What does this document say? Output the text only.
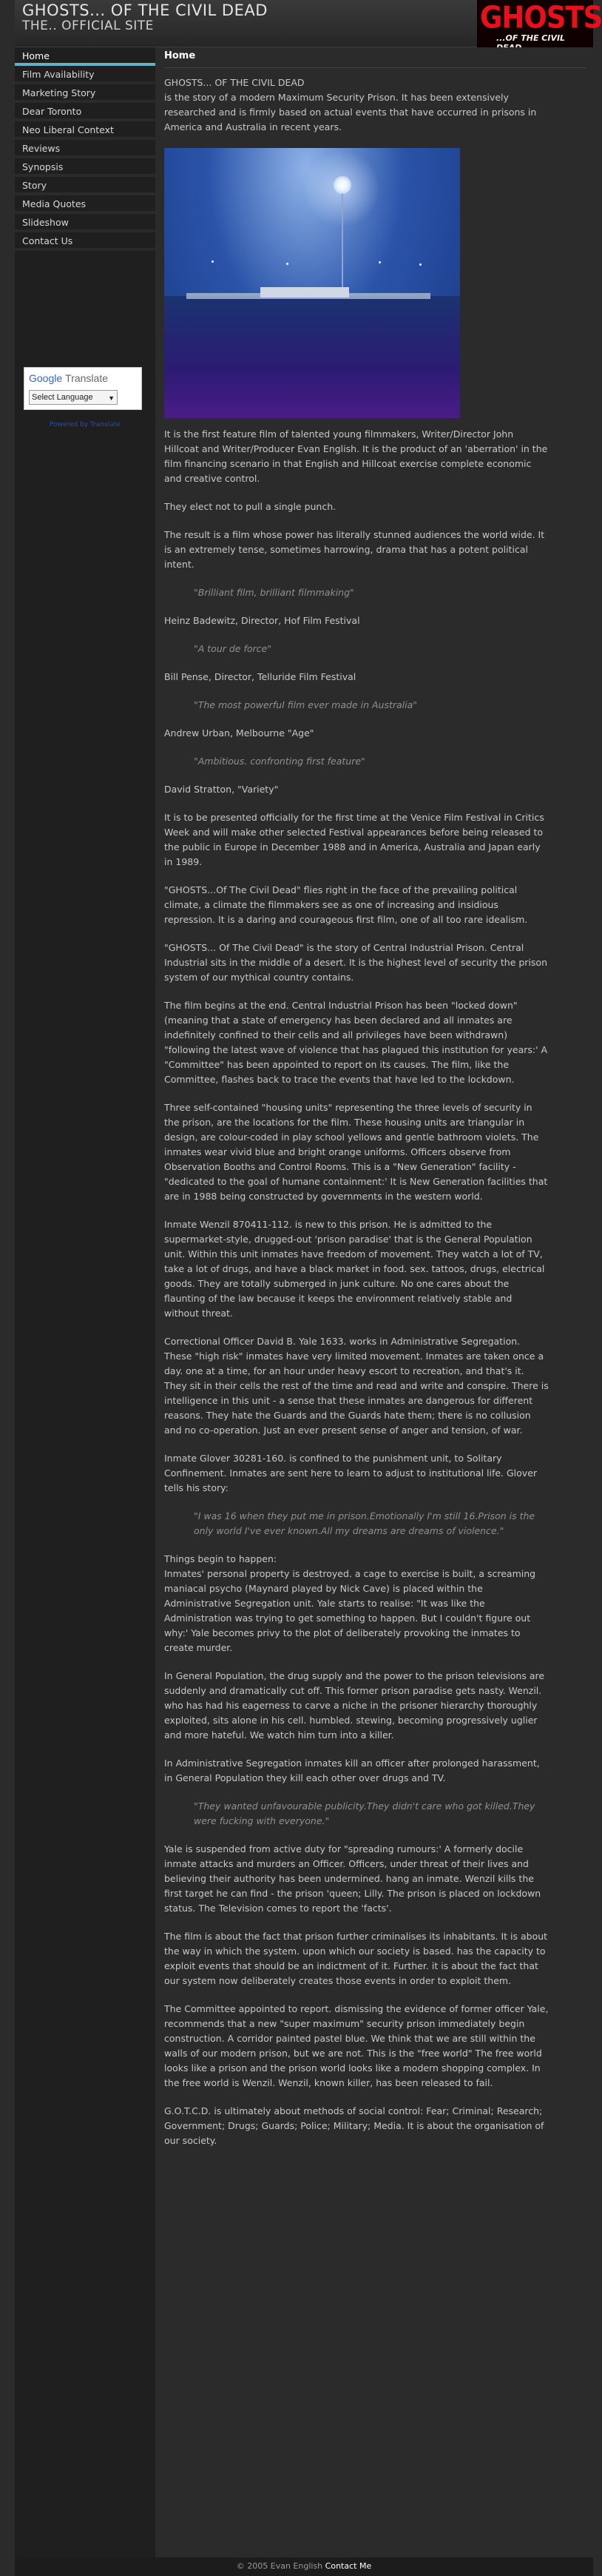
GHOSTS... OF THE CIVIL DEAD
THE.. OFFICIAL SITE	GHOSTS
...OF THE CIVIL
Home
Film Availability
Marketing Story
Dear Toronto
Neo Liberal Context
Reviews
Synopsis
Story
Media Quotes
Slideshow
Contact Us
Google Translate
Select Language ▼
Powered by Translate
Home

GHOSTS... OF THE CIVIL DEAD
is the story of a modern Maximum Security Prison. It has been extensively researched and is firmly based on actual events that have occurred in prisons in America and Australia in recent years.

It is the first feature film of talented young filmmakers, Writer/Director John Hillcoat and Writer/Producer Evan English. It is the product of an 'aberration' in the film financing scenario in that English and Hillcoat exercise complete economic and creative control.

They elect not to pull a single punch.

The result is a film whose power has literally stunned audiences the world wide. It is an extremely tense, sometimes harrowing, drama that has a potent political intent.

"Brilliant film, brilliant filmmaking"

Heinz Badewitz, Director, Hof Film Festival

"A tour de force"

Bill Pense, Director, Telluride Film Festival

"The most powerful film ever made in Australia"

Andrew Urban, Melbourne "Age"

"Ambitious. confronting first feature"

David Stratton, "Variety"

It is to be presented officially for the first time at the Venice Film Festival in Critics Week and will make other selected Festival appearances before being released to the public in Europe in December 1988 and in America, Australia and Japan early in 1989.

"GHOSTS...Of The Civil Dead" flies right in the face of the prevailing political climate, a climate the filmmakers see as one of increasing and insidious repression. It is a daring and courageous first film, one of all too rare idealism.

"GHOSTS... Of The Civil Dead" is the story of Central Industrial Prison. Central Industrial sits in the middle of a desert. It is the highest level of security the prison system of our mythical country contains.

The film begins at the end. Central Industrial Prison has been "locked down" (meaning that a state of emergency has been declared and all inmates are indefinitely confined to their cells and all privileges have been withdrawn) "following the latest wave of violence that has plagued this institution for years:' A "Committee" has been appointed to report on its causes. The film, like the Committee, flashes back to trace the events that have led to the lockdown.

Three self-contained "housing units" representing the three levels of security in the prison, are the locations for the film. These housing units are triangular in design, are colour-coded in play school yellows and gentle bathroom violets. The inmates wear vivid blue and bright orange uniforms. Officers observe from Observation Booths and Control Rooms. This is a "New Generation" facility - "dedicated to the goal of humane containment:' It is New Generation facilities that are in 1988 being constructed by governments in the western world.

Inmate Wenzil 870411-112. is new to this prison. He is admitted to the supermarket-style, drugged-out 'prison paradise' that is the General Population unit. Within this unit inmates have freedom of movement. They watch a lot of TV, take a lot of drugs, and have a black market in food. sex. tattoos, drugs, electrical goods. They are totally submerged in junk culture. No one cares about the flaunting of the law because it keeps the environment relatively stable and without threat.

Correctional Officer David B. Yale 1633. works in Administrative Segregation. These "high risk" inmates have very limited movement. Inmates are taken once a day. one at a time, for an hour under heavy escort to recreation, and that's it. They sit in their cells the rest of the time and read and write and conspire. There is intelligence in this unit - a sense that these inmates are dangerous for different reasons. They hate the Guards and the Guards hate them; there is no collusion and no co-operation. Just an ever present sense of anger and tension, of war.

Inmate Glover 30281-160. is confined to the punishment unit, to Solitary Confinement. Inmates are sent here to learn to adjust to institutional life. Glover tells his story:

"I was 16 when they put me in prison.Emotionally I'm still 16.Prison is the only world I've ever known.All my dreams are dreams of violence."

Things begin to happen:
Inmates' personal property is destroyed. a cage to exercise is built, a screaming maniacal psycho (Maynard played by Nick Cave) is placed within the Administrative Segregation unit. Yale starts to realise: "It was like the Administration was trying to get something to happen. But I couldn't figure out why:' Yale becomes privy to the plot of deliberately provoking the inmates to create murder.

In General Population, the drug supply and the power to the prison televisions are suddenly and dramatically cut off. This former prison paradise gets nasty. Wenzil. who has had his eagerness to carve a niche in the prisoner hierarchy thoroughly exploited, sits alone in his cell. humbled. stewing, becoming progressively uglier and more hateful. We watch him turn into a killer.

In Administrative Segregation inmates kill an officer after prolonged harassment, in General Population they kill each other over drugs and TV.

"They wanted unfavourable publicity.They didn't care who got killed.They were fucking with everyone."

Yale is suspended from active duty for "spreading rumours:' A formerly docile inmate attacks and murders an Officer. Officers, under threat of their lives and believing their authority has been undermined. hang an inmate. Wenzil kills the first target he can find - the prison 'queen; Lilly. The prison is placed on lockdown status. The Television comes to report the 'facts'.

The film is about the fact that prison further criminalises its inhabitants. It is about the way in which the system. upon which our society is based. has the capacity to exploit events that should be an indictment of it. Further. it is about the fact that our system now deliberately creates those events in order to exploit them.

The Committee appointed to report. dismissing the evidence of former officer Yale, recommends that a new "super maximum" security prison immediately begin construction. A corridor painted pastel blue. We think that we are still within the walls of our modern prison, but we are not. This is the "free world" The free world looks like a prison and the prison world looks like a modern shopping complex. In the free world is Wenzil. Wenzil, known killer, has been released to fail.

G.O.T.C.D. is ultimately about methods of social control: Fear; Criminal; Research; Government; Drugs; Guards; Police; Military; Media. It is about the organisation of our society.

© 2005 Evan English Contact Me
